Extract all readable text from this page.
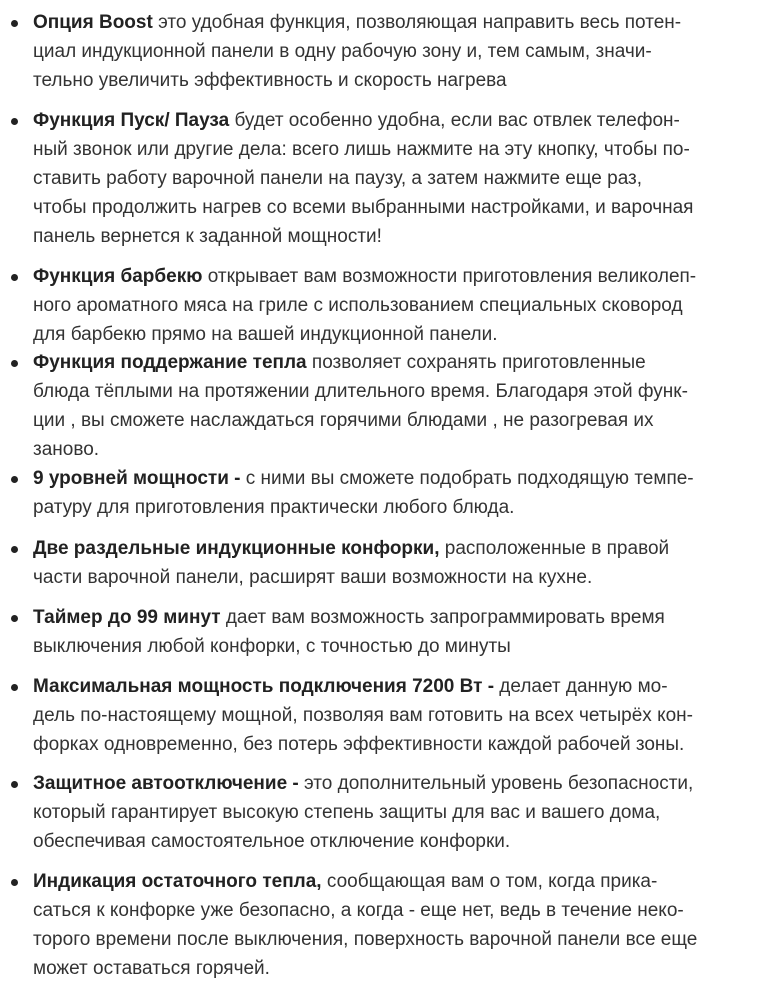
Опция Boost это удобная функция, позволяющая направить весь потен-
циал индукционной панели в одну рабочую зону и, тем самым, значи-
тельно увеличить эффективность и скорость нагрева
Функция Пуск/ Пауза будет особенно удобна, если вас отвлек телефон-
ный звонок или другие дела: всего лишь нажмите на эту кнопку, чтобы по-
ставить работу варочной панели на паузу, а затем нажмите еще раз,
чтобы продолжить нагрев со всеми выбранными настройками, и варочная
панель вернется к заданной мощности!
Функция барбекю открывает вам возможности приготовления великолеп-
ного ароматного мяса на гриле с использованием специальных сковород
для барбекю прямо на вашей индукционной панели.
Функция поддержание тепла позволяет сохранять приготовленные
блюда тёплыми на протяжении длительного время. Благодаря этой функ-
ции , вы сможете наслаждаться горячими блюдами , не разогревая их
заново.
9 уровней мощности - с ними вы сможете подобрать подходящую темпе-
ратуру для приготовления практически любого блюда.
Две раздельные индукционные конфорки, расположенные в правой
части варочной панели, расширят ваши возможности на кухне.
Таймер до 99 минут дает вам возможность запрограммировать время
выключения любой конфорки, с точностью до минуты
Максимальная мощность подключения 7200 Вт - делает данную мо-
дель по-настоящему мощной, позволяя вам готовить на всех четырёх кон-
форках одновременно, без потерь эффективности каждой рабочей зоны.
Защитное автоотключение - это дополнительный уровень безопасности,
который гарантирует высокую степень защиты для вас и вашего дома,
обеспечивая самостоятельное отключение конфорки.
Индикация остаточного тепла, сообщающая вам о том, когда прика-
саться к конфорке уже безопасно, а когда - еще нет, ведь в течение неко-
торого времени после выключения, поверхность варочной панели все еще
может оставаться горячей.
